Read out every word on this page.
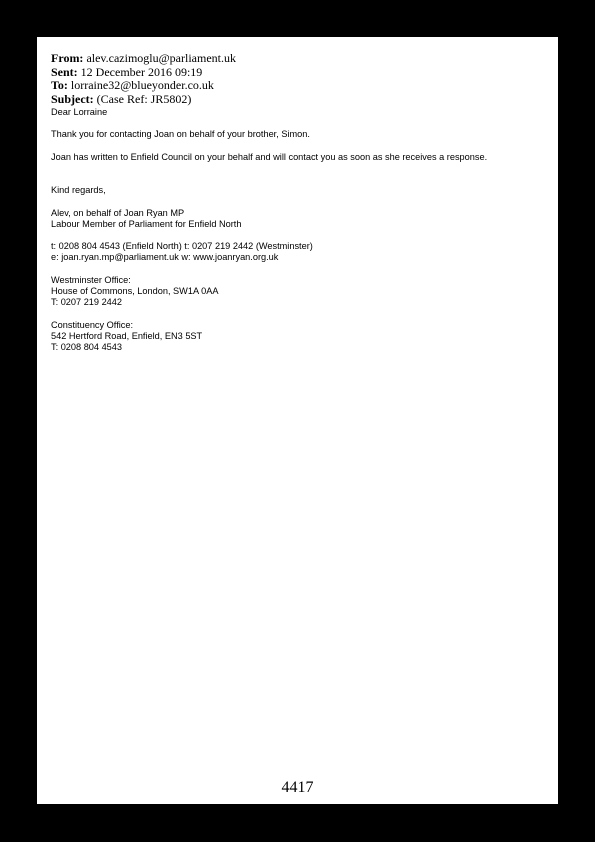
From: alev.cazimoglu@parliament.uk
Sent: 12 December 2016 09:19
To: lorraine32@blueyonder.co.uk
Subject: (Case Ref: JR5802)
Dear Lorraine
Thank you for contacting Joan on behalf of your brother, Simon.
Joan has written to Enfield Council on your behalf and will contact you as soon as she receives a response.
Kind regards,
Alev, on behalf of Joan Ryan MP
Labour Member of Parliament for Enfield North
t: 0208 804 4543 (Enfield North) t: 0207 219 2442 (Westminster)
e: joan.ryan.mp@parliament.uk w: www.joanryan.org.uk
Westminster Office:
House of Commons, London, SW1A 0AA
T: 0207 219 2442
Constituency Office:
542 Hertford Road, Enfield, EN3 5ST
T: 0208 804 4543
4417
